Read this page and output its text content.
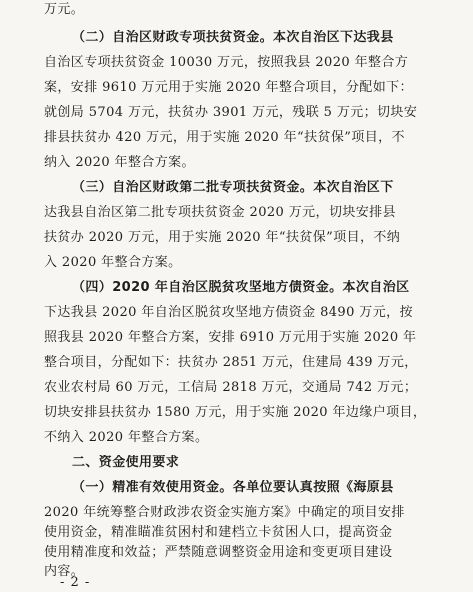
万元。
（二）自治区财政专项扶贫资金。本次自治区下达我县
自治区专项扶贫资金 10030 万元，按照我县 2020 年整合方
案，安排 9610 万元用于实施 2020 年整合项目，分配如下：
就创局 5704 万元，扶贫办 3901 万元，残联 5 万元；切块安
排县扶贫办 420 万元，用于实施 2020 年“扶贫保”项目，不
纳入 2020 年整合方案。
（三）自治区财政第二批专项扶贫资金。本次自治区下
达我县自治区第二批专项扶贫资金 2020 万元，切块安排县
扶贫办 2020 万元，用于实施 2020 年“扶贫保”项目，不纳
入 2020 年整合方案。
（四）2020 年自治区脱贫攻坚地方债资金。本次自治区
下达我县 2020 年自治区脱贫攻坚地方债资金 8490 万元，按
照我县 2020 年整合方案，安排 6910 万元用于实施 2020 年
整合项目，分配如下：扶贫办 2851 万元，住建局 439 万元，
农业农村局 60 万元，工信局 2818 万元，交通局 742 万元；
切块安排县扶贫办 1580 万元，用于实施 2020 年边缘户项目，
不纳入 2020 年整合方案。
二、资金使用要求
（一）精准有效使用资金。各单位要认真按照《海原县
2020 年统筹整合财政涉农资金实施方案》中确定的项目安排
使用资金，精准瞄准贫困村和建档立卡贫困人口，提高资金
使用精准度和效益；严禁随意调整资金用途和变更项目建设
内容。
- 2 -
